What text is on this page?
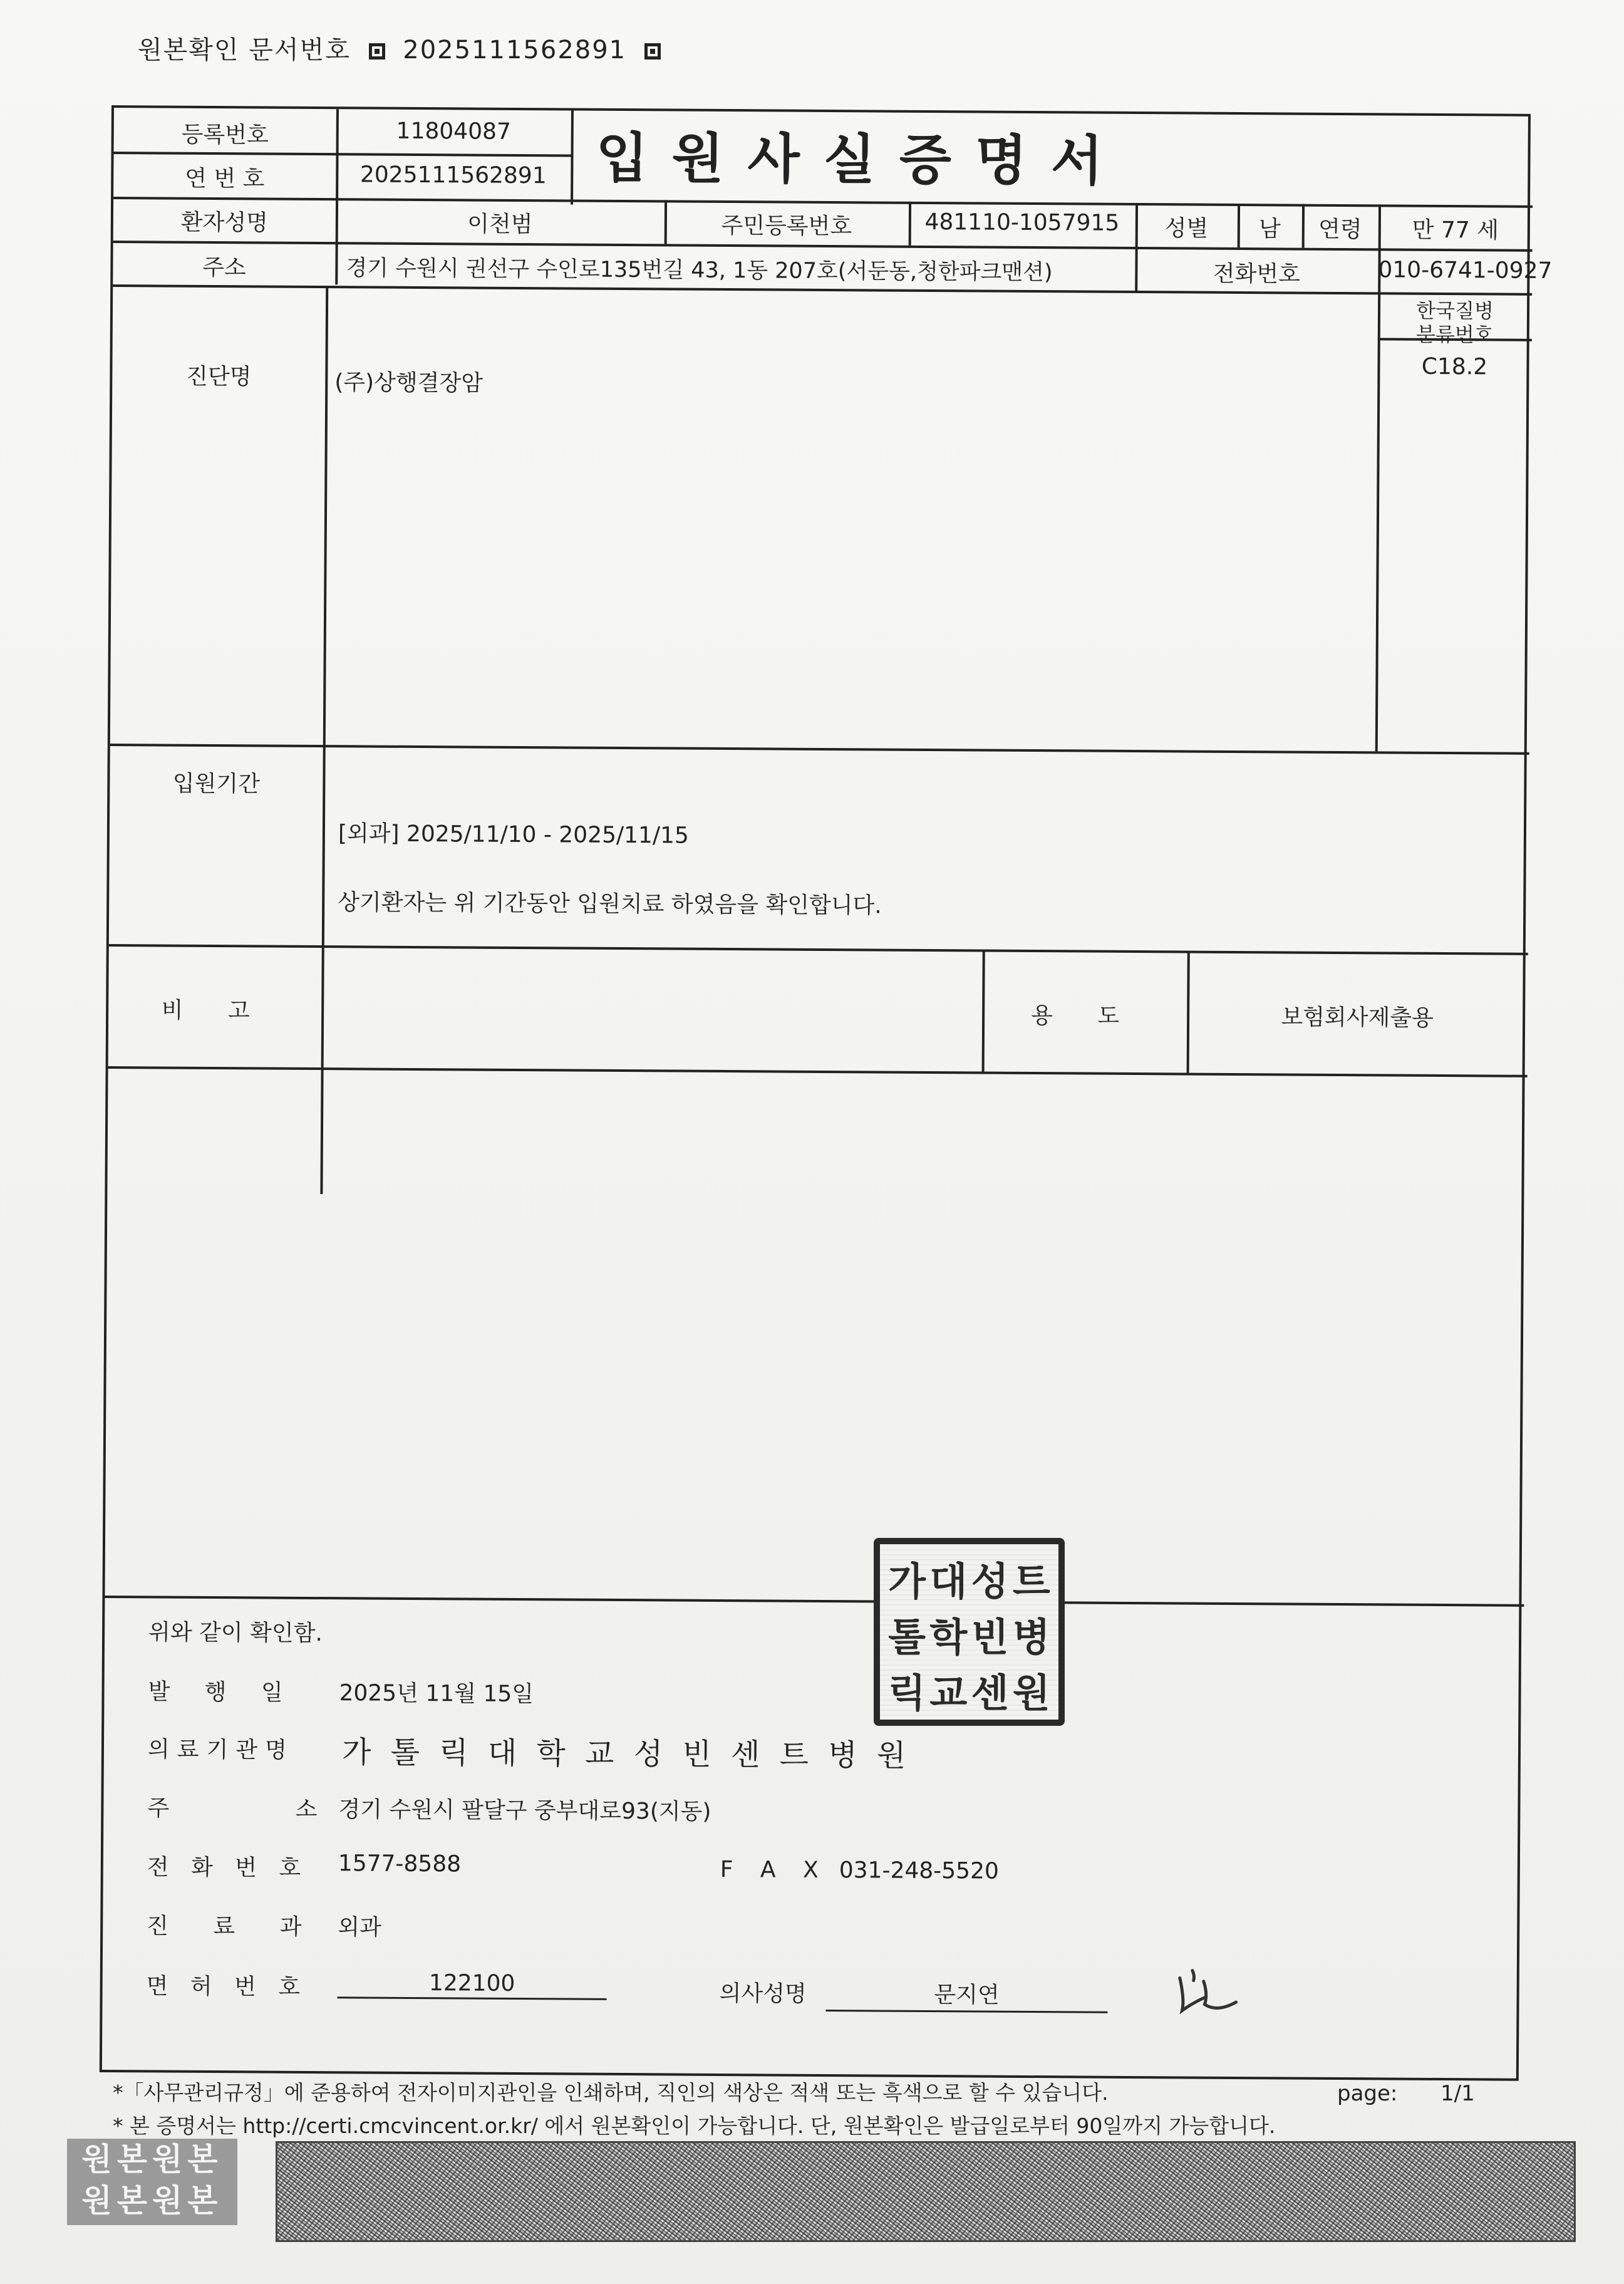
원본확인 문서번호 2025111562891
입원사실증명서
등록번호	11804087
연 번 호	2025111562891
환자성명	이천범	주민등록번호	481110-1057915	성별	남	연령	만 77 세
주소	경기 수원시 권선구 수인로135번길 43, 1동 207호(서둔동,청한파크맨션)	전화번호	010-6741-0927
진단명	(주)상행결장암
한국질병
분류번호
C18.2
입원기간
[외과] 2025/11/10 - 2025/11/15
상기환자는 위 기간동안 입원치료 하였음을 확인합니다.
비 고	용 도	보험회사제출용
위와 같이 확인함.
발 행 일 2025년 11월 15일
의료기관명 가 톨 릭 대 학 교 성 빈 센 트 병 원
주 소 경기 수원시 팔달구 중부대로93(지동)
전 화 번 호 1577-8588	F A X 031-248-5520
진 료 과 외과
면 허 번 호	122100	의사성명	문지연
가 대 성 트
톨 학 빈 병
릭 교 센 원
*「사무관리규정」에 준용하여 전자이미지관인을 인쇄하며, 직인의 색상은 적색 또는 흑색으로 할 수 있습니다.	page: 1/1
* 본 증명서는 http://certi.cmcvincent.or.kr/ 에서 원본확인이 가능합니다. 단, 원본확인은 발급일로부터 90일까지 가능합니다.
원본원본 원본원본
